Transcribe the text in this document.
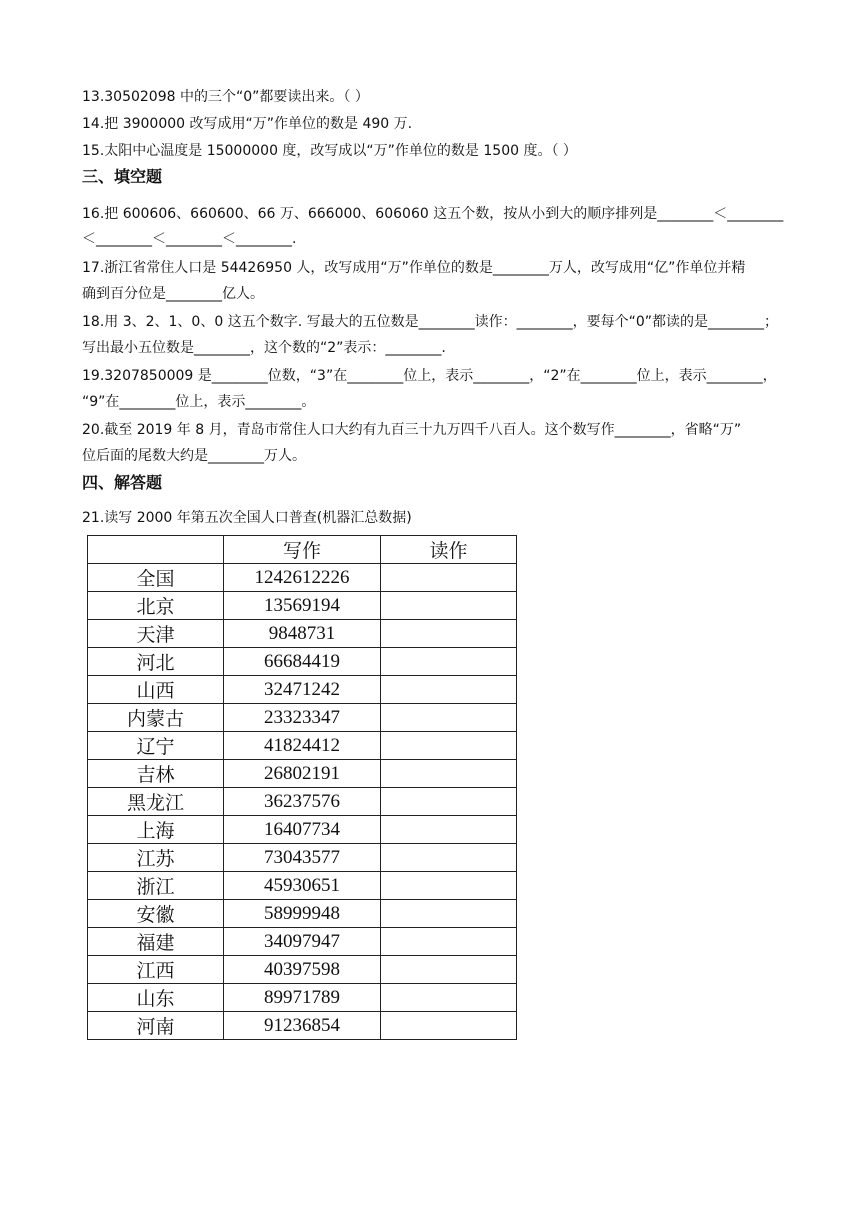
13.30502098 中的三个“0”都要读出来。（ ）
14.把 3900000 改写成用“万”作单位的数是 490 万.
15.太阳中心温度是 15000000 度，改写成以“万”作单位的数是 1500 度。（ ）
三、填空题
16.把 600606、660600、66 万、666000、606060 这五个数，按从小到大的顺序排列是________＜________
＜________＜________＜________.
17.浙江省常住人口是 54426950 人，改写成用“万”作单位的数是________万人，改写成用“亿”作单位并精
确到百分位是________亿人。
18.用 3、2、1、0、0 这五个数字. 写最大的五位数是________读作：________，要每个“0”都读的是________；
写出最小五位数是________，这个数的“2”表示：________.
19.3207850009 是________位数，“3”在________位上，表示________，“2”在________位上，表示________，
“9”在________位上，表示________。
20.截至 2019 年 8 月，青岛市常住人口大约有九百三十九万四千八百人。这个数写作________，省略“万”
位后面的尾数大约是________万人。
四、解答题
21.读写 2000 年第五次全国人口普查(机器汇总数据)
	写作	读作
全国	1242612226	
北京	13569194	
天津	9848731	
河北	66684419	
山西	32471242	
内蒙古	23323347	
辽宁	41824412	
吉林	26802191	
黑龙江	36237576	
上海	16407734	
江苏	73043577	
浙江	45930651	
安徽	58999948	
福建	34097947	
江西	40397598	
山东	89971789	
河南	91236854	
